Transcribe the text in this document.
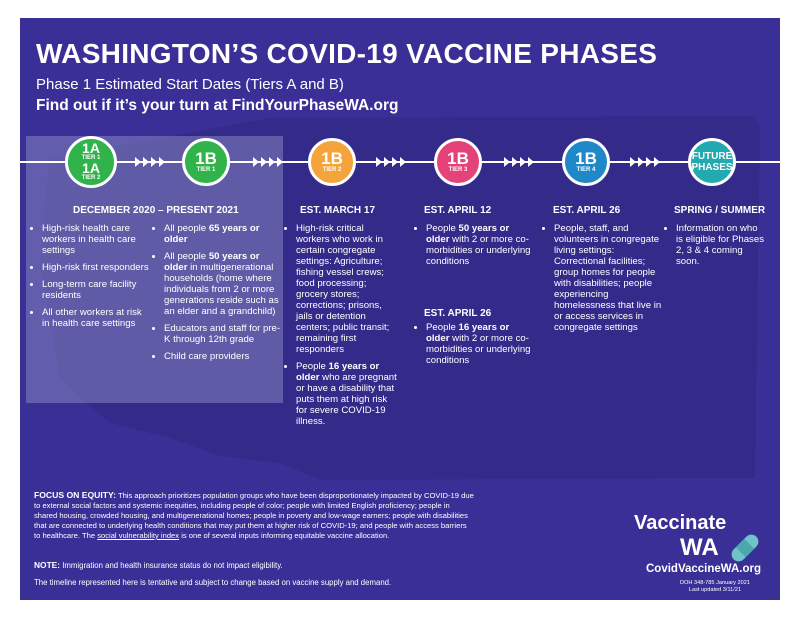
WASHINGTON’S COVID-19 VACCINE PHASES
Phase 1 Estimated Start Dates (Tiers A and B)
Find out if it’s your turn at FindYourPhaseWA.org
1A
TIER 1
1A
TIER 2
1B
TIER 1
1B
TIER 2
1B
TIER 3
1B
TIER 4
FUTURE
PHASES
DECEMBER 2020 – PRESENT 2021	EST. MARCH 17	EST. APRIL 12
EST. APRIL 26
EST. APRIL 26	SPRING / SUMMER
• High-risk health care workers in health care settings
• High-risk first responders
• Long-term care facility residents
• All other workers at risk in health care settings
• All people 65 years or older
• All people 50 years or older in multigenerational households (home where individuals from 2 or more generations reside such as an elder and a grandchild)
• Educators and staff for pre-K through 12th grade
• Child care providers
• High-risk critical workers who work in certain congregate settings: Agriculture; fishing vessel crews; food processing; grocery stores; corrections; prisons, jails or detention centers; public transit; remaining first responders
• People 16 years or older who are pregnant or have a disability that puts them at high risk for severe COVID-19 illness.
• People 50 years or older with 2 or more co-morbidities or underlying conditions
• People 16 years or older with 2 or more co-morbidities or underlying conditions
• People, staff, and volunteers in congregate living settings: Correctional facilities; group homes for people with disabilities; people experiencing homelessness that live in or access services in congregate settings
• Information on who is eligible for Phases 2, 3 & 4 coming soon.
FOCUS ON EQUITY: This approach prioritizes population groups who have been disproportionately impacted by COVID-19 due to external social factors and systemic inequities, including people of color; people with limited English proficiency; people in shared housing, crowded housing, and multigenerational homes; people in poverty and low-wage earners; people with disabilities that are connected to underlying health conditions that may put them at higher risk of COVID-19; and people with access barriers to healthcare. The social vulnerability index is one of several inputs informing equitable vaccine allocation.
NOTE: Immigration and health insurance status do not impact eligibility.
The timeline represented here is tentative and subject to change based on vaccine supply and demand.
Vaccinate
WA
CovidVaccineWA.org
DOH 348-785 January 2021
Last updated 3/11/21
